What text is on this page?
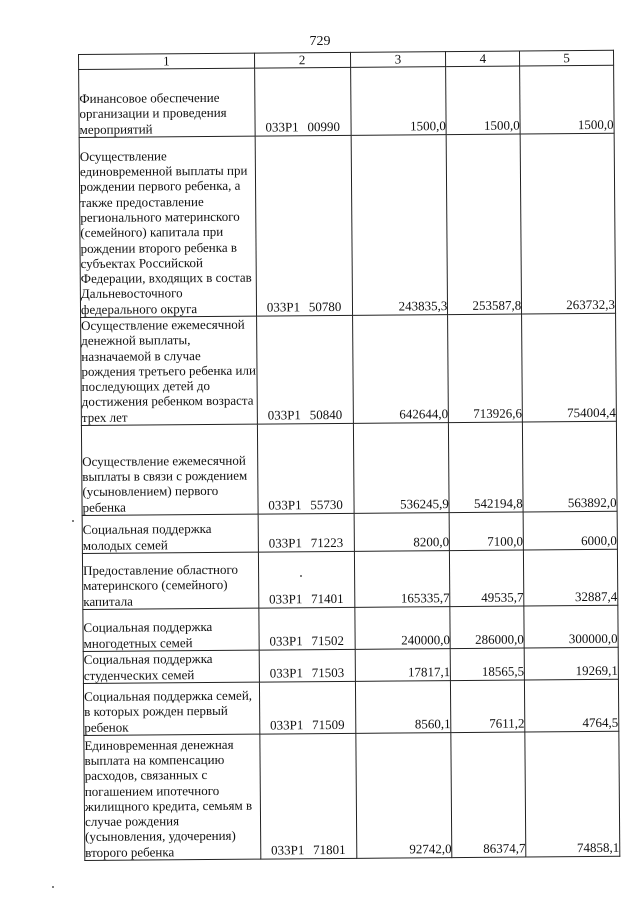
729
1	2	3	4	5
Финансовое обеспечение организации и проведения мероприятий	033Р1 00990	1500,0	1500,0	1500,0
Осуществление единовременной выплаты при рождении первого ребенка, а также предоставление регионального материнского (семейного) капитала при рождении второго ребенка в субъектах Российской Федерации, входящих в состав Дальневосточного федерального округа	033Р1 50780	243835,3	253587,8	263732,3
Осуществление ежемесячной денежной выплаты, назначаемой в случае рождения третьего ребенка или последующих детей до достижения ребенком возраста трех лет	033Р1 50840	642644,0	713926,6	754004,4
Осуществление ежемесячной выплаты в связи с рождением (усыновлением) первого ребенка	033Р1 55730	536245,9	542194,8	563892,0
Социальная поддержка молодых семей	033Р1 71223	8200,0	7100,0	6000,0
Предоставление областного материнского (семейного) капитала	033Р1 71401	165335,7	49535,7	32887,4
Социальная поддержка многодетных семей	033Р1 71502	240000,0	286000,0	300000,0
Социальная поддержка студенческих семей	033Р1 71503	17817,1	18565,5	19269,1
Социальная поддержка семей, в которых рожден первый ребенок	033Р1 71509	8560,1	7611,2	4764,5
Единовременная денежная выплата на компенсацию расходов, связанных с погашением ипотечного жилищного кредита, семьям в случае рождения (усыновления, удочерения) второго ребенка	033Р1 71801	92742,0	86374,7	74858,1
